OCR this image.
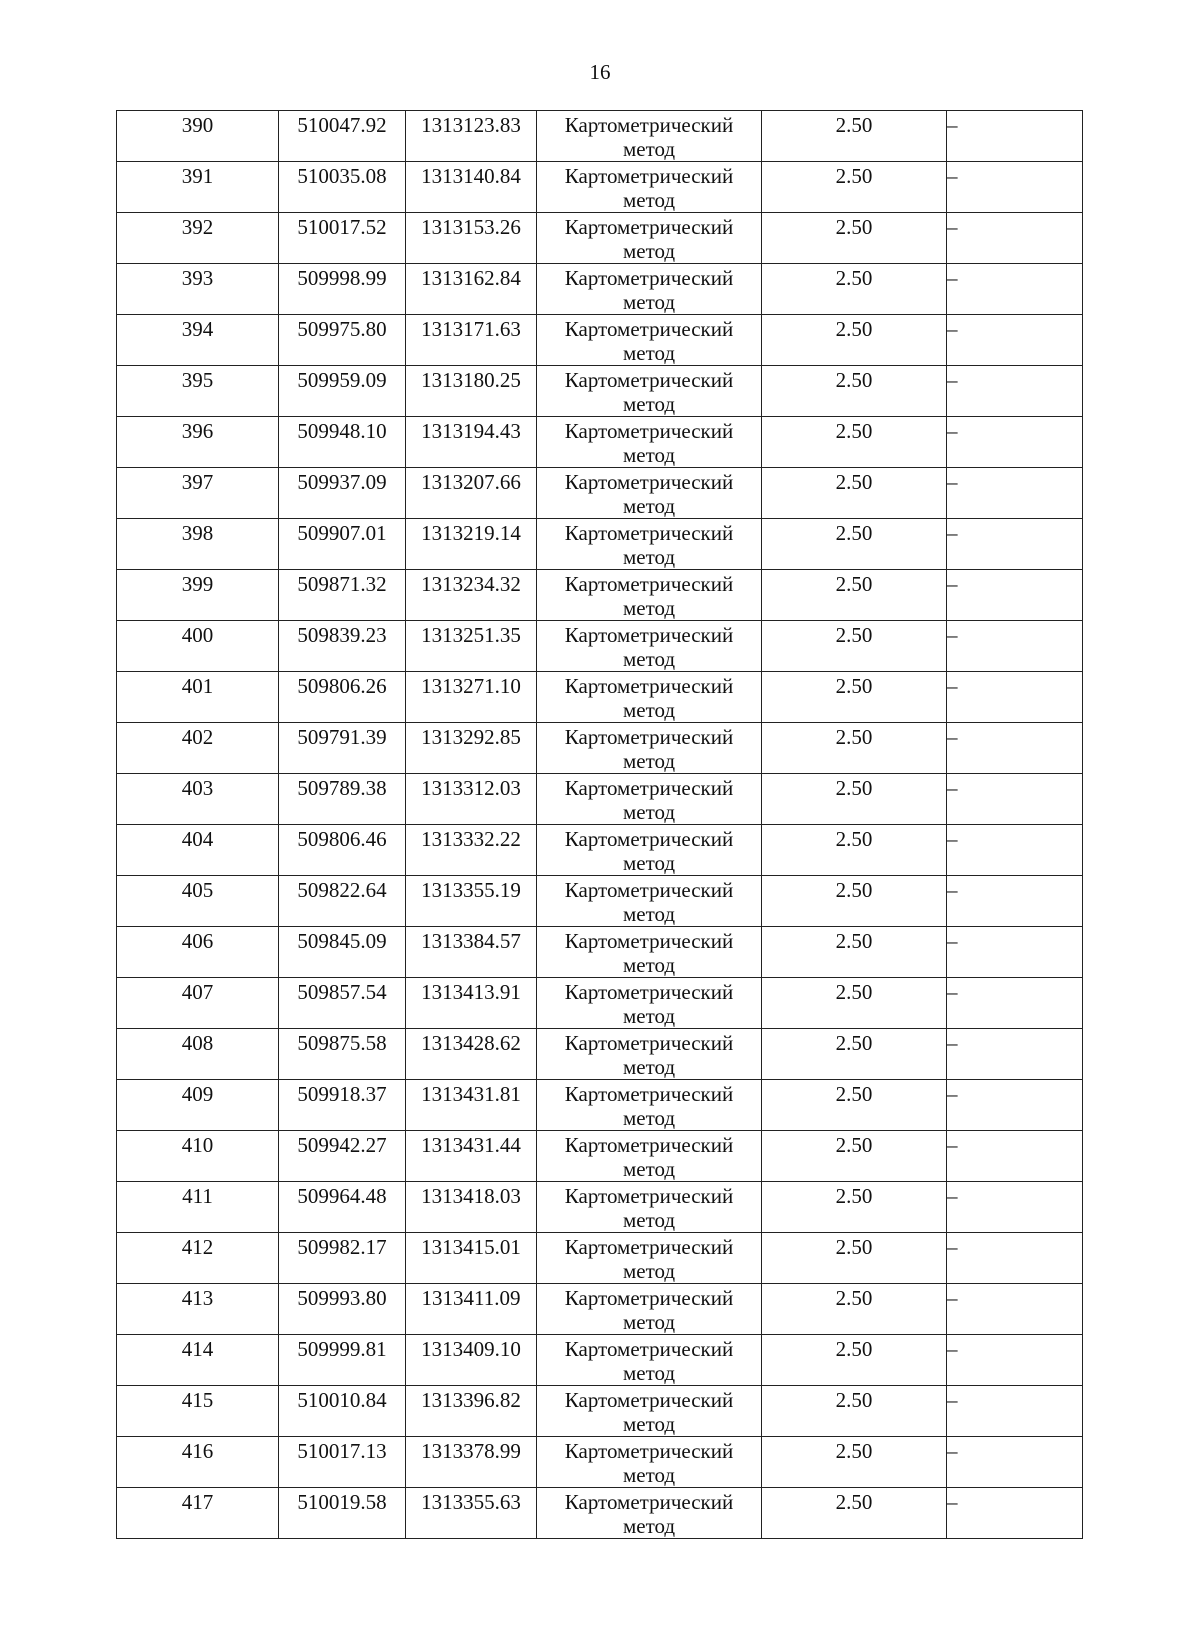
16
390	510047.92	1313123.83	Картометрический метод	2.50	–

391	510035.08	1313140.84	Картометрический метод	2.50	–

392	510017.52	1313153.26	Картометрический метод	2.50	–

393	509998.99	1313162.84	Картометрический метод	2.50	–

394	509975.80	1313171.63	Картометрический метод	2.50	–

395	509959.09	1313180.25	Картометрический метод	2.50	–

396	509948.10	1313194.43	Картометрический метод	2.50	–

397	509937.09	1313207.66	Картометрический метод	2.50	–

398	509907.01	1313219.14	Картометрический метод	2.50	–

399	509871.32	1313234.32	Картометрический метод	2.50	–

400	509839.23	1313251.35	Картометрический метод	2.50	–

401	509806.26	1313271.10	Картометрический метод	2.50	–

402	509791.39	1313292.85	Картометрический метод	2.50	–

403	509789.38	1313312.03	Картометрический метод	2.50	–

404	509806.46	1313332.22	Картометрический метод	2.50	–

405	509822.64	1313355.19	Картометрический метод	2.50	–

406	509845.09	1313384.57	Картометрический метод	2.50	–

407	509857.54	1313413.91	Картометрический метод	2.50	–

408	509875.58	1313428.62	Картометрический метод	2.50	–

409	509918.37	1313431.81	Картометрический метод	2.50	–

410	509942.27	1313431.44	Картометрический метод	2.50	–

411	509964.48	1313418.03	Картометрический метод	2.50	–

412	509982.17	1313415.01	Картометрический метод	2.50	–

413	509993.80	1313411.09	Картометрический метод	2.50	–

414	509999.81	1313409.10	Картометрический метод	2.50	–

415	510010.84	1313396.82	Картометрический метод	2.50	–

416	510017.13	1313378.99	Картометрический метод	2.50	–

417	510019.58	1313355.63	Картометрический метод	2.50	–
